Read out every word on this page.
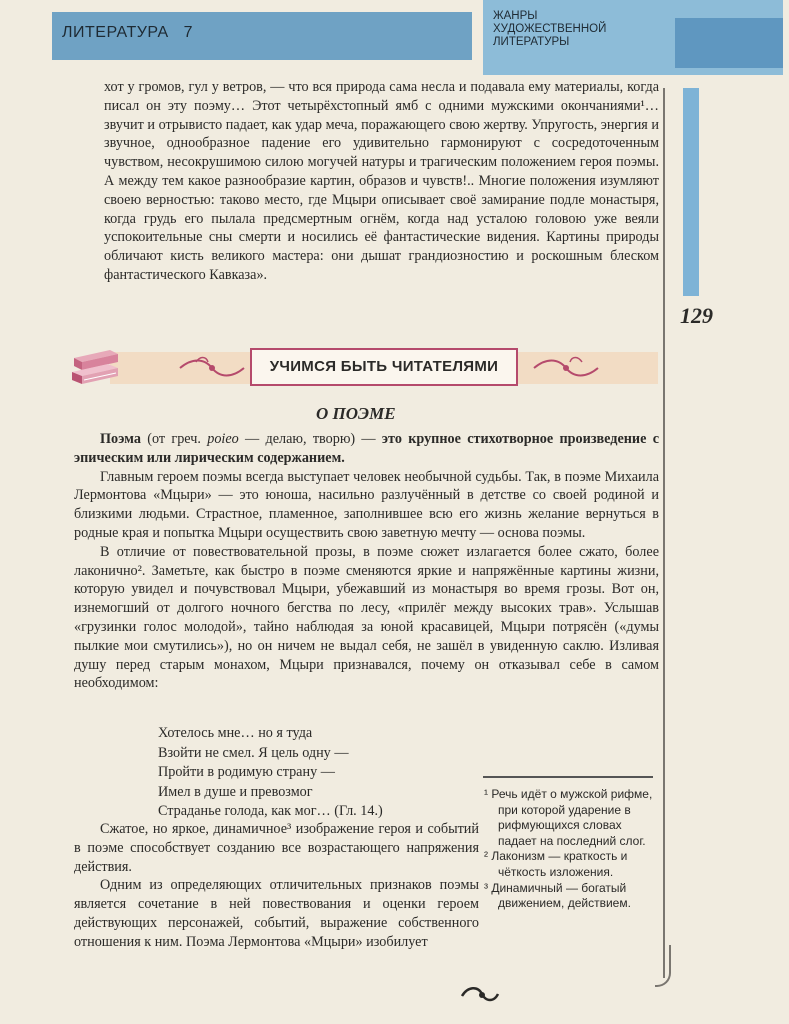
ЛИТЕРАТУРА 7
ЖАНРЫ
ХУДОЖЕСТВЕННОЙ
ЛИТЕРАТУРЫ
129

хот у громов, гул у ветров, — что вся природа сама несла и подавала ему материалы, когда писал он эту поэму… Этот четырёхстопный ямб с одними мужскими окончаниями¹… звучит и отрывисто падает, как удар меча, поражающего свою жертву. Упругость, энергия и звучное, однообразное падение его удивительно гармонируют с сосредоточенным чувством, несокрушимою силою могучей натуры и трагическим положением героя поэмы. А между тем какое разнообразие картин, образов и чувств!.. Многие положения изумляют своею верностью: таково место, где Мцыри описывает своё замирание подле монастыря, когда грудь его пылала предсмертным огнём, когда над усталою головою уже веяли успокоительные сны смерти и носились её фантастические видения. Картины природы обличают кисть великого мастера: они дышат грандиозностию и роскошным блеском фантастического Кавказа».

УЧИМСЯ БЫТЬ ЧИТАТЕЛЯМИ
О ПОЭМЕ

Поэма (от греч. poieo — делаю, творю) — это крупное стихотворное произведение с эпическим или лирическим содержанием.

Главным героем поэмы всегда выступает человек необычной судьбы. Так, в поэме Михаила Лермонтова «Мцыри» — это юноша, насильно разлучённый в детстве со своей родиной и близкими людьми. Страстное, пламенное, заполнившее всю его жизнь желание вернуться в родные края и попытка Мцыри осуществить свою заветную мечту — основа поэмы.

В отличие от повествовательной прозы, в поэме сюжет излагается более сжато, более лаконично². Заметьте, как быстро в поэме сменяются яркие и напряжённые картины жизни, которую увидел и почувствовал Мцыри, убежавший из монастыря во время грозы. Вот он, изнемогший от долгого ночного бегства по лесу, «прилёг между высоких трав». Услышав «грузинки голос молодой», тайно наблюдая за юной красавицей, Мцыри потрясён («думы пылкие мои смутились»), но он ничем не выдал себя, не зашёл в увиденную саклю. Изливая душу перед старым монахом, Мцыри признавался, почему он отказывал себе в самом необходимом:

Хотелось мне… но я туда
Взойти не смел. Я цель одну —
Пройти в родимую страну —
Имел в душе и превозмог
Страданье голода, как мог… (Гл. 14.)

Сжатое, но яркое, динамичное³ изображение героя и событий в поэме способствует созданию все возрастающего напряжения действия.

Одним из определяющих отличительных признаков поэмы является сочетание в ней повествования и оценки героем действующих персонажей, событий, выражение собственного отношения к ним. Поэма Лермонтова «Мцыри» изобилует

¹ Речь идёт о мужской рифме, при которой ударение в рифмующихся словах падает на последний слог.

² Лаконизм — краткость и чёткость изложения.

³ Динамичный — богатый движением, действием.
